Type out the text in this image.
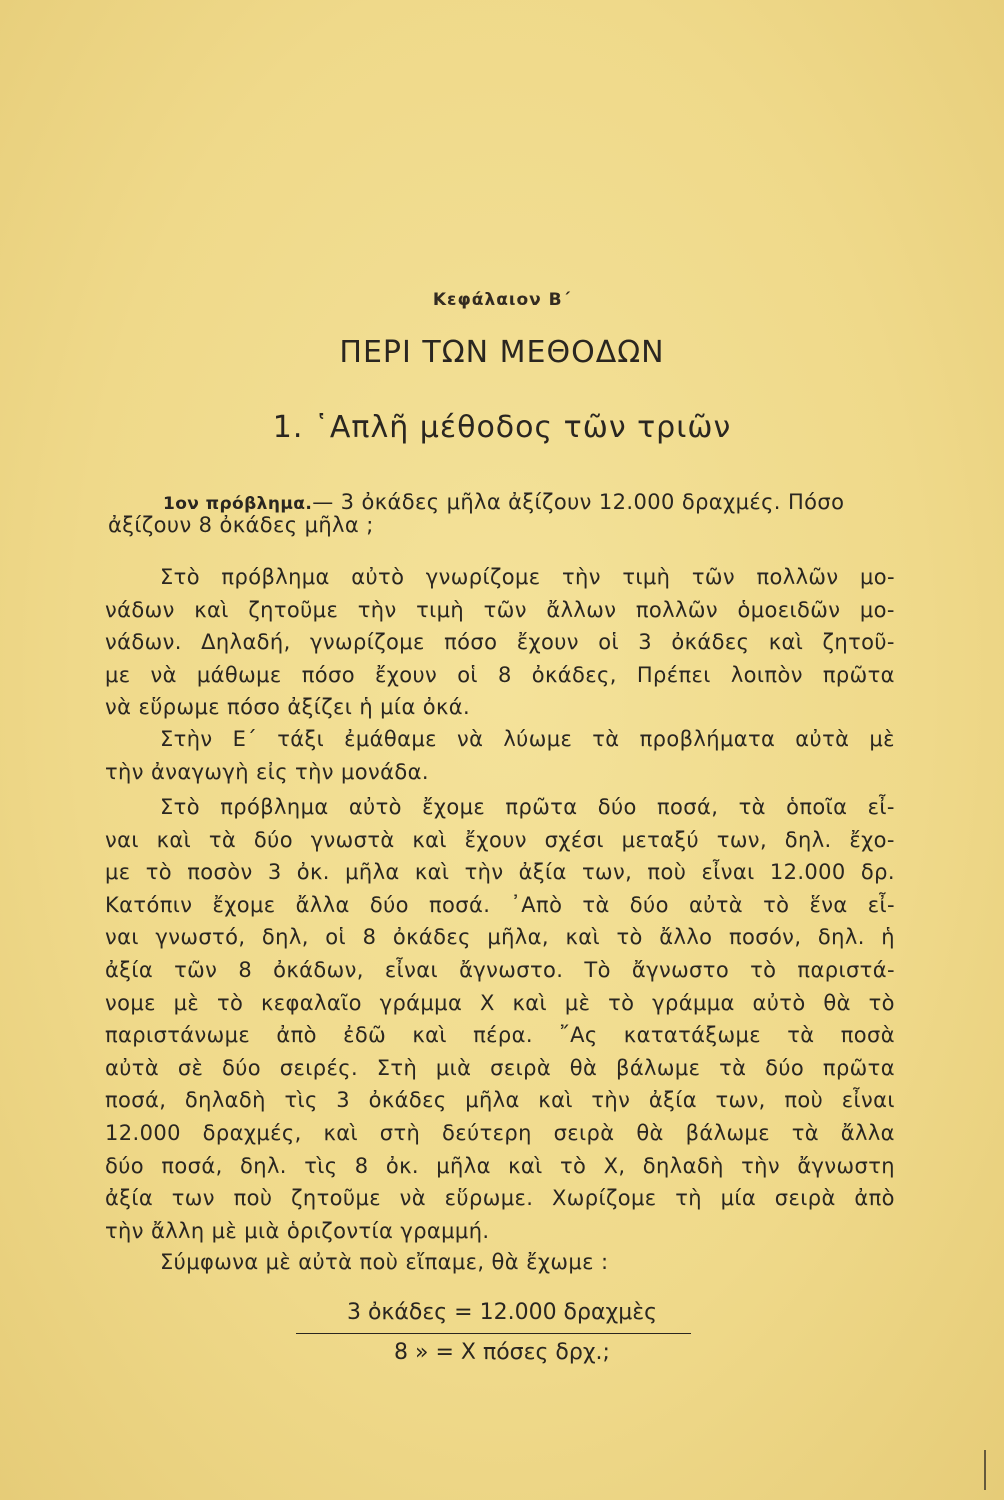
Κεφάλαιον Β΄
ΠΕΡΙ ΤΩΝ ΜΕΘΟΔΩΝ
1. ῾Απλῆ μέθοδος τῶν τριῶν
1ον πρόβλημα.— 3 ὀκάδες μῆλα ἀξίζουν 12.000 δραχμές. Πόσο
ἀξίζουν 8 ὀκάδες μῆλα ;
Στὸ πρόβλημα αὐτὸ γνωρίζομε τὴν τιμὴ τῶν πολλῶν μο-
νάδων καὶ ζητοῦμε τὴν τιμὴ τῶν ἄλλων πολλῶν ὁμοειδῶν μο-
νάδων. Δηλαδή, γνωρίζομε πόσο ἔχουν οἱ 3 ὀκάδες καὶ ζητοῦ-
με νὰ μάθωμε πόσο ἔχουν οἱ 8 ὀκάδες, Πρέπει λοιπὸν πρῶτα
νὰ εὕρωμε πόσο ἀξίζει ἡ μία ὀκά.
Στὴν Ε΄ τάξι ἐμάθαμε νὰ λύωμε τὰ προβλήματα αὐτὰ μὲ
τὴν ἀναγωγὴ εἰς τὴν μονάδα.
Στὸ πρόβλημα αὐτὸ ἔχομε πρῶτα δύο ποσά, τὰ ὁποῖα εἶ-
ναι καὶ τὰ δύο γνωστὰ καὶ ἔχουν σχέσι μεταξύ των, δηλ. ἔχο-
με τὸ ποσὸν 3 ὀκ. μῆλα καὶ τὴν ἀξία των, ποὺ εἶναι 12.000 δρ.
Κατόπιν ἔχομε ἄλλα δύο ποσά. ᾽Απὸ τὰ δύο αὐτὰ τὸ ἕνα εἶ-
ναι γνωστό, δηλ, οἱ 8 ὀκάδες μῆλα, καὶ τὸ ἄλλο ποσόν, δηλ. ἡ
ἀξία τῶν 8 ὀκάδων, εἶναι ἄγνωστο. Τὸ ἄγνωστο τὸ παριστά-
νομε μὲ τὸ κεφαλαῖο γράμμα Χ καὶ μὲ τὸ γράμμα αὐτὸ θὰ τὸ
παριστάνωμε ἀπὸ ἐδῶ καὶ πέρα. ῎Ας κατατάξωμε τὰ ποσὰ
αὐτὰ σὲ δύο σειρές. Στὴ μιὰ σειρὰ θὰ βάλωμε τὰ δύο πρῶτα
ποσά, δηλαδὴ τὶς 3 ὀκάδες μῆλα καὶ τὴν ἀξία των, ποὺ εἶναι
12.000 δραχμές, καὶ στὴ δεύτερη σειρὰ θὰ βάλωμε τὰ ἄλλα
δύο ποσά, δηλ. τὶς 8 ὀκ. μῆλα καὶ τὸ Χ, δηλαδὴ τὴν ἄγνωστη
ἀξία των ποὺ ζητοῦμε νὰ εὕρωμε. Χωρίζομε τὴ μία σειρὰ ἀπὸ
τὴν ἄλλη μὲ μιὰ ὁριζοντία γραμμή.
Σύμφωνα μὲ αὐτὰ ποὺ εἴπαμε, θὰ ἔχωμε :
3 ὀκάδες = 12.000 δραχμὲς
8 » = Χ πόσες δρχ.;
